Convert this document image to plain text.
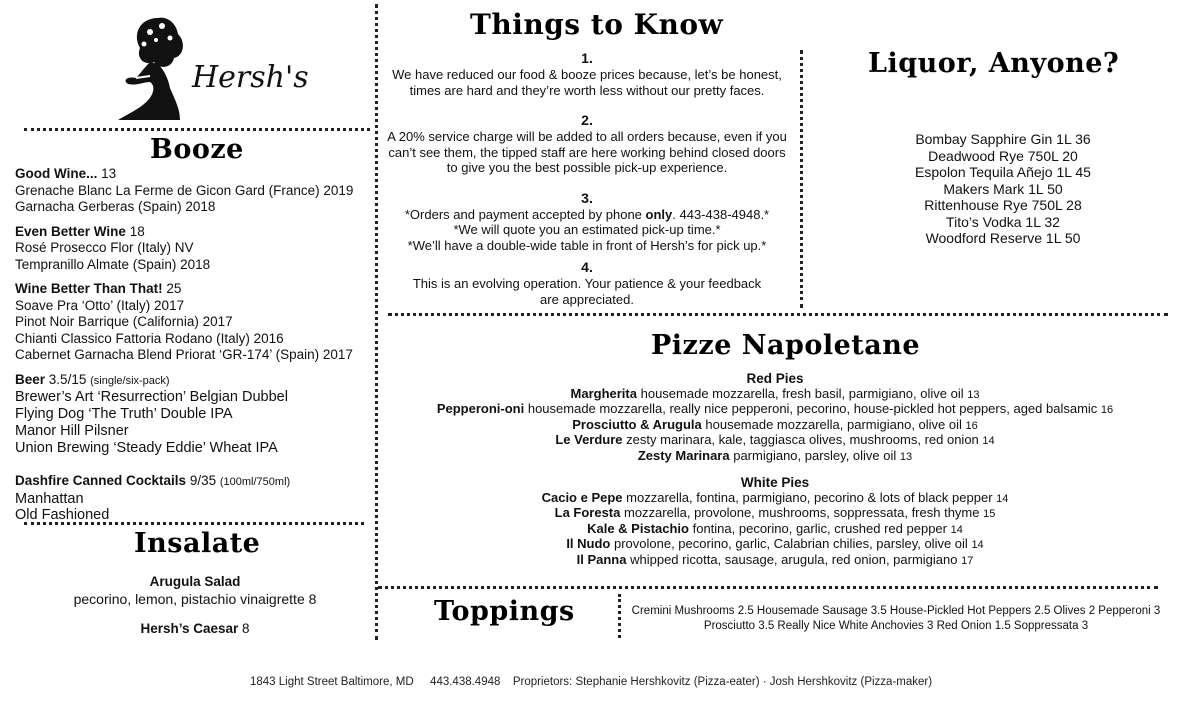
Hersh's
Booze
Good Wine... 13
Grenache Blanc La Ferme de Gicon Gard (France) 2019
Garnacha Gerberas (Spain) 2018
Even Better Wine 18
Rosé Prosecco Flor (Italy) NV
Tempranillo Almate (Spain) 2018
Wine Better Than That! 25
Soave Pra ‘Otto’ (Italy) 2017
Pinot Noir Barrique (California) 2017
Chianti Classico Fattoria Rodano (Italy) 2016
Cabernet Garnacha Blend Priorat ‘GR-174’ (Spain) 2017
Beer 3.5/15 (single/six-pack)
Brewer’s Art ‘Resurrection’ Belgian Dubbel
Flying Dog ‘The Truth’ Double IPA
Manor Hill Pilsner
Union Brewing ‘Steady Eddie’ Wheat IPA
Dashfire Canned Cocktails 9/35 (100ml/750ml)
Manhattan
Old Fashioned
Insalate
Arugula Salad
pecorino, lemon, pistachio vinaigrette 8
Hersh’s Caesar 8
Things to Know

1.

We have reduced our food & booze prices because, let’s be honest,

times are hard and they’re worth less without our pretty faces.

2.

A 20% service charge will be added to all orders because, even if you

can’t see them, the tipped staff are here working behind closed doors

to give you the best possible pick-up experience.

3.

*Orders and payment accepted by phone only. 443-438-4948.*

*We will quote you an estimated pick-up time.*

*We’ll have a double-wide table in front of Hersh’s for pick up.*

4.

This is an evolving operation. Your patience & your feedback

are appreciated.

Liquor, Anyone?
Bombay Sapphire Gin 1L 36
Deadwood Rye 750L 20
Espolon Tequila Añejo 1L 45
Makers Mark 1L 50
Rittenhouse Rye 750L 28
Tito’s Vodka 1L 32
Woodford Reserve 1L 50
Pizze Napoletane
Red Pies
Margherita housemade mozzarella, fresh basil, parmigiano, olive oil 13
Pepperoni-oni housemade mozzarella, really nice pepperoni, pecorino, house-pickled hot peppers, aged balsamic 16
Prosciutto & Arugula housemade mozzarella, parmigiano, olive oil 16
Le Verdure zesty marinara, kale, taggiasca olives, mushrooms, red onion 14
Zesty Marinara parmigiano, parsley, olive oil 13
White Pies
Cacio e Pepe mozzarella, fontina, parmigiano, pecorino & lots of black pepper 14
La Foresta mozzarella, provolone, mushrooms, soppressata, fresh thyme 15
Kale & Pistachio fontina, pecorino, garlic, crushed red pepper 14
Il Nudo provolone, pecorino, garlic, Calabrian chilies, parsley, olive oil 14
Il Panna whipped ricotta, sausage, arugula, red onion, parmigiano 17
Toppings	Cremini Mushrooms 2.5 Housemade Sausage 3.5 House-Pickled Hot Peppers 2.5 Olives 2 Pepperoni 3
Prosciutto 3.5 Really Nice White Anchovies 3 Red Onion 1.5 Soppressata 3
1843 Light Street Baltimore, MD 443.438.4948 Proprietors: Stephanie Hershkovitz (Pizza-eater) · Josh Hershkovitz (Pizza-maker)
